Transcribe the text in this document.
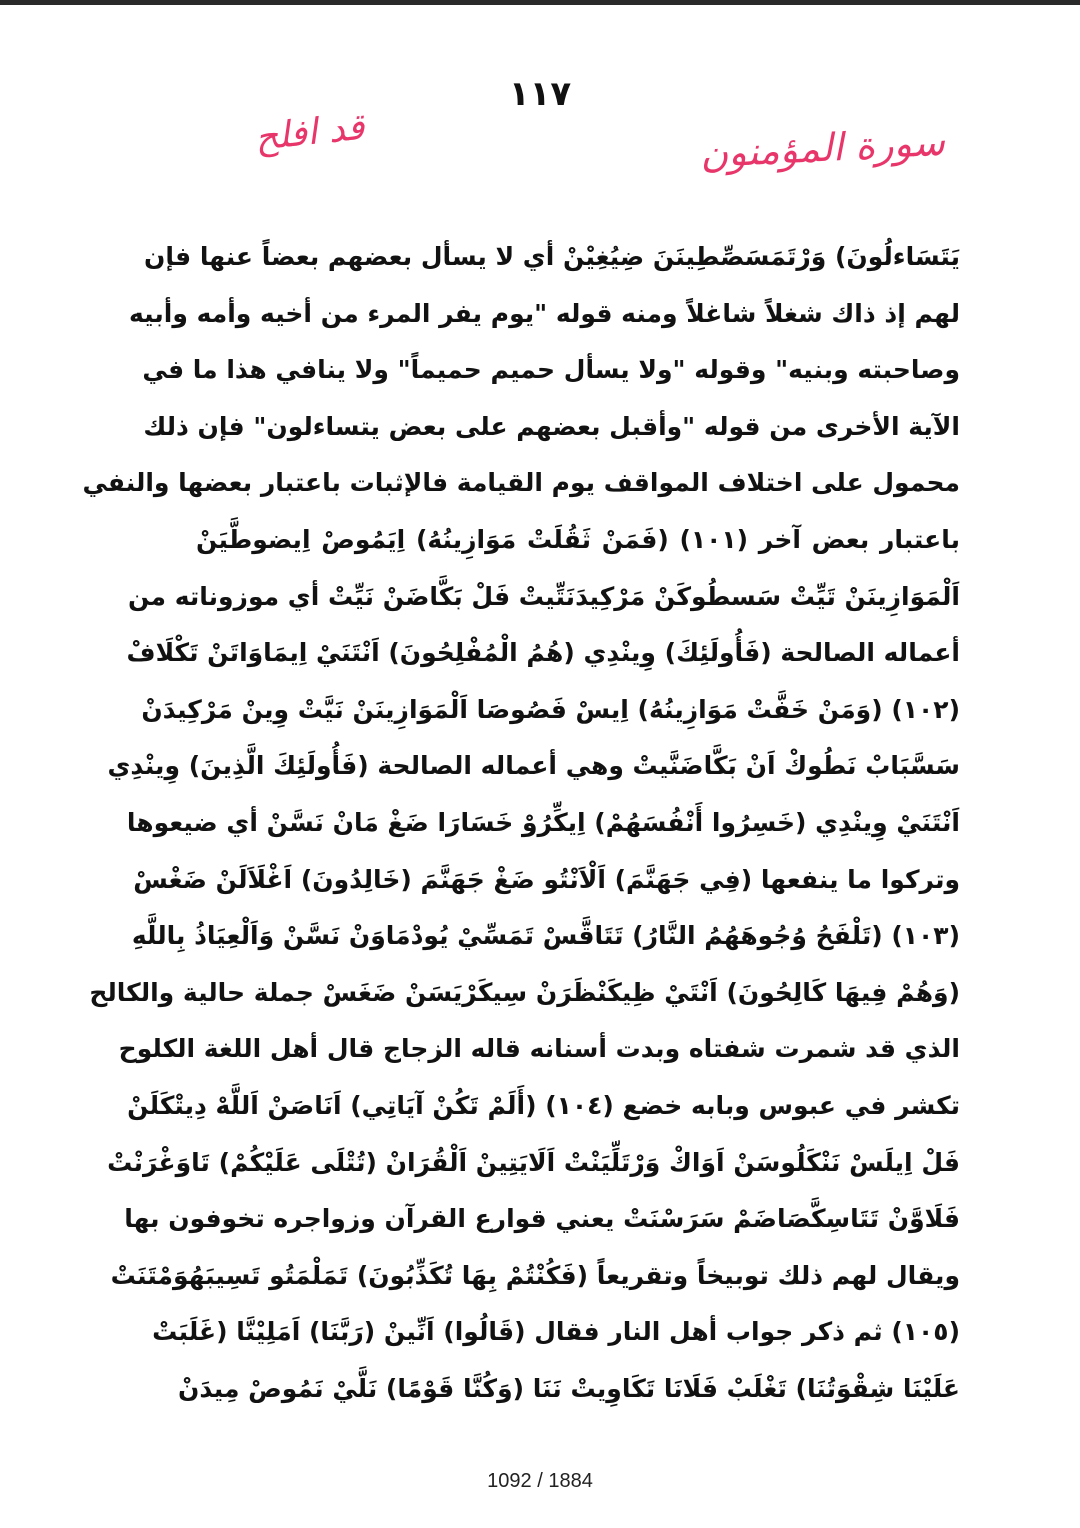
١١٧
قد افلح	سورة المؤمنون
يَتَسَاءلُونَ) وَرْتَمَسَصِّطِينَنَ ضِيُغِيْنْ أي لا يسأل بعضهم بعضاً عنها فإن
لهم إذ ذاك شغلاً شاغلاً ومنه قوله "يوم يفر المرء من أخيه وأمه وأبيه
وصاحبته وبنيه" وقوله "ولا يسأل حميم حميماً" ولا ينافي هذا ما في
الآية الأخرى من قوله "وأقبل بعضهم على بعض يتساءلون" فإن ذلك
محمول على اختلاف المواقف يوم القيامة فالإثبات باعتبار بعضها والنفي
باعتبار بعض آخر (١٠١) (فَمَنْ ثَقُلَتْ مَوَازِينُهُ) اِيَمُوصْ اِيضوطَّيَنْ
اَلْمَوَازِينَنْ تَيِّتْ سَسطُوكَنْ مَرْكِيدَنَتِّيتْ فَلْ بَكَّاضَنْ نَيِّتْ أي موزوناته من
أعماله الصالحة (فَأُولَئِكَ) وِينْدِي (هُمُ الْمُفْلِحُونَ) اَنْتَنَيْ اِيمَاوَاتَنْ تَكْلَافْ
(١٠٢) (وَمَنْ خَفَّتْ مَوَازِينُهُ) اِيسْ فَصُوصَا اَلْمَوَازِينَنْ نَيَّتْ وِينْ مَرْكِيدَنْ
سَسَّبَابْ نَطُوكْ اَنْ بَكَّاضَنَّيتْ وهي أعماله الصالحة (فَأُولَئِكَ الَّذِينَ) وِينْدِي
اَنْتَنَيْ وِينْدِي (خَسِرُوا أَنْفُسَهُمْ) اِيكِّرُوْ خَسَارَا ضَغْ مَانْ نَسَّنْ أي ضيعوها
وتركوا ما ينفعها (فِي جَهَنَّمَ) اَلْاَنْتُو ضَغْ جَهَنَّمَ (خَالِدُونَ) اَغْلَاَلَنْ ضَغْسْ
(١٠٣) (تَلْفَحُ وُجُوهَهُمُ النَّارُ) تَتَاقَّسْ تَمَسِّيْ يُودْمَاوَنْ نَسَّنْ وَاَلْعِيَاذُ بِاللَّهِ
(وَهُمْ فِيهَا كَالِحُونَ) اَنْتَيْ ظِيكَنْظَرَنْ سِيكَرْيَسَنْ ضَغَسْ جملة حالية والكالح
الذي قد شمرت شفتاه وبدت أسنانه قاله الزجاج قال أهل اللغة الكلوح
تكشر في عبوس وبابه خضع (١٠٤) (أَلَمْ تَكُنْ آيَاتِي) اَنَاصَنْ اَللَّهْ دِيتْكَلَنْ
فَلْ اِيلَسْ نَنْكَلُوسَنْ اَوَاكْ وَرْتَلِّيَنْتْ اَلَايَتِينْ اَلْقُرَانْ (تُتْلَى عَلَيْكُمْ) تَاوَغْرَنْتْ
فَلَاوَّنْ تَتَاسِكَّصَاضَمْ سَرَسْنَتْ يعني قوارع القرآن وزواجره تخوفون بها
ويقال لهم ذلك توبيخاً وتقريعاً (فَكُنْتُمْ بِهَا تُكَذِّبُونَ) تَمَلْمَتُو تَسِيبَهُوَمْتَنَتْ
(١٠٥) ثم ذكر جواب أهل النار فقال (قَالُوا) اَنِّينْ (رَبَّنَا) اَمَلِيْنَّا (غَلَبَتْ
عَلَيْنَا شِقْوَتُنَا) تَغْلَبْ فَلَانَا تَكَاوِيتْ نَنَا (وَكُنَّا قَوْمًا) نَلَّيْ نَمُوصْ مِيدَنْ
1092 / 1884
